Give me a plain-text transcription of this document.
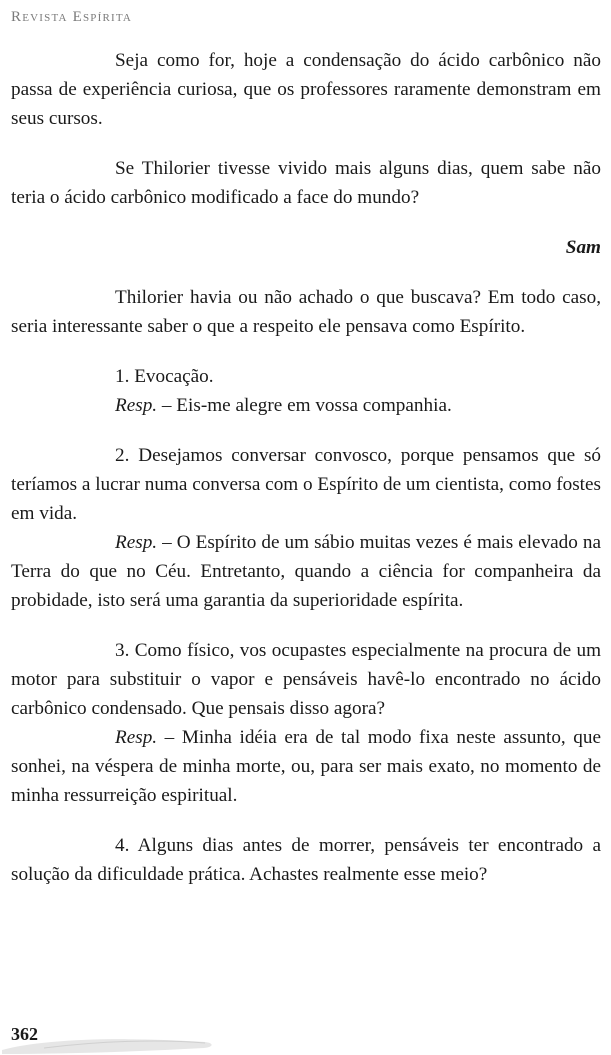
Revista Espírita

Seja como for, hoje a condensação do ácido carbônico não passa de experiência curiosa, que os professores raramente demonstram em seus cursos.

Se Thilorier tivesse vivido mais alguns dias, quem sabe não teria o ácido carbônico modificado a face do mundo?

Sam

Thilorier havia ou não achado o que buscava? Em todo caso, seria interessante saber o que a respeito ele pensava como Espírito.

1. Evocação.

Resp. – Eis-me alegre em vossa companhia.

2. Desejamos conversar convosco, porque pensamos que só teríamos a lucrar numa conversa com o Espírito de um cientista, como fostes em vida.

Resp. – O Espírito de um sábio muitas vezes é mais elevado na Terra do que no Céu. Entretanto, quando a ciência for companheira da probidade, isto será uma garantia da superioridade espírita.

3. Como físico, vos ocupastes especialmente na procura de um motor para substituir o vapor e pensáveis havê-lo encontrado no ácido carbônico condensado. Que pensais disso agora?

Resp. – Minha idéia era de tal modo fixa neste assunto, que sonhei, na véspera de minha morte, ou, para ser mais exato, no momento de minha ressurreição espiritual.

4. Alguns dias antes de morrer, pensáveis ter encontrado a solução da dificuldade prática. Achastes realmente esse meio?

362
